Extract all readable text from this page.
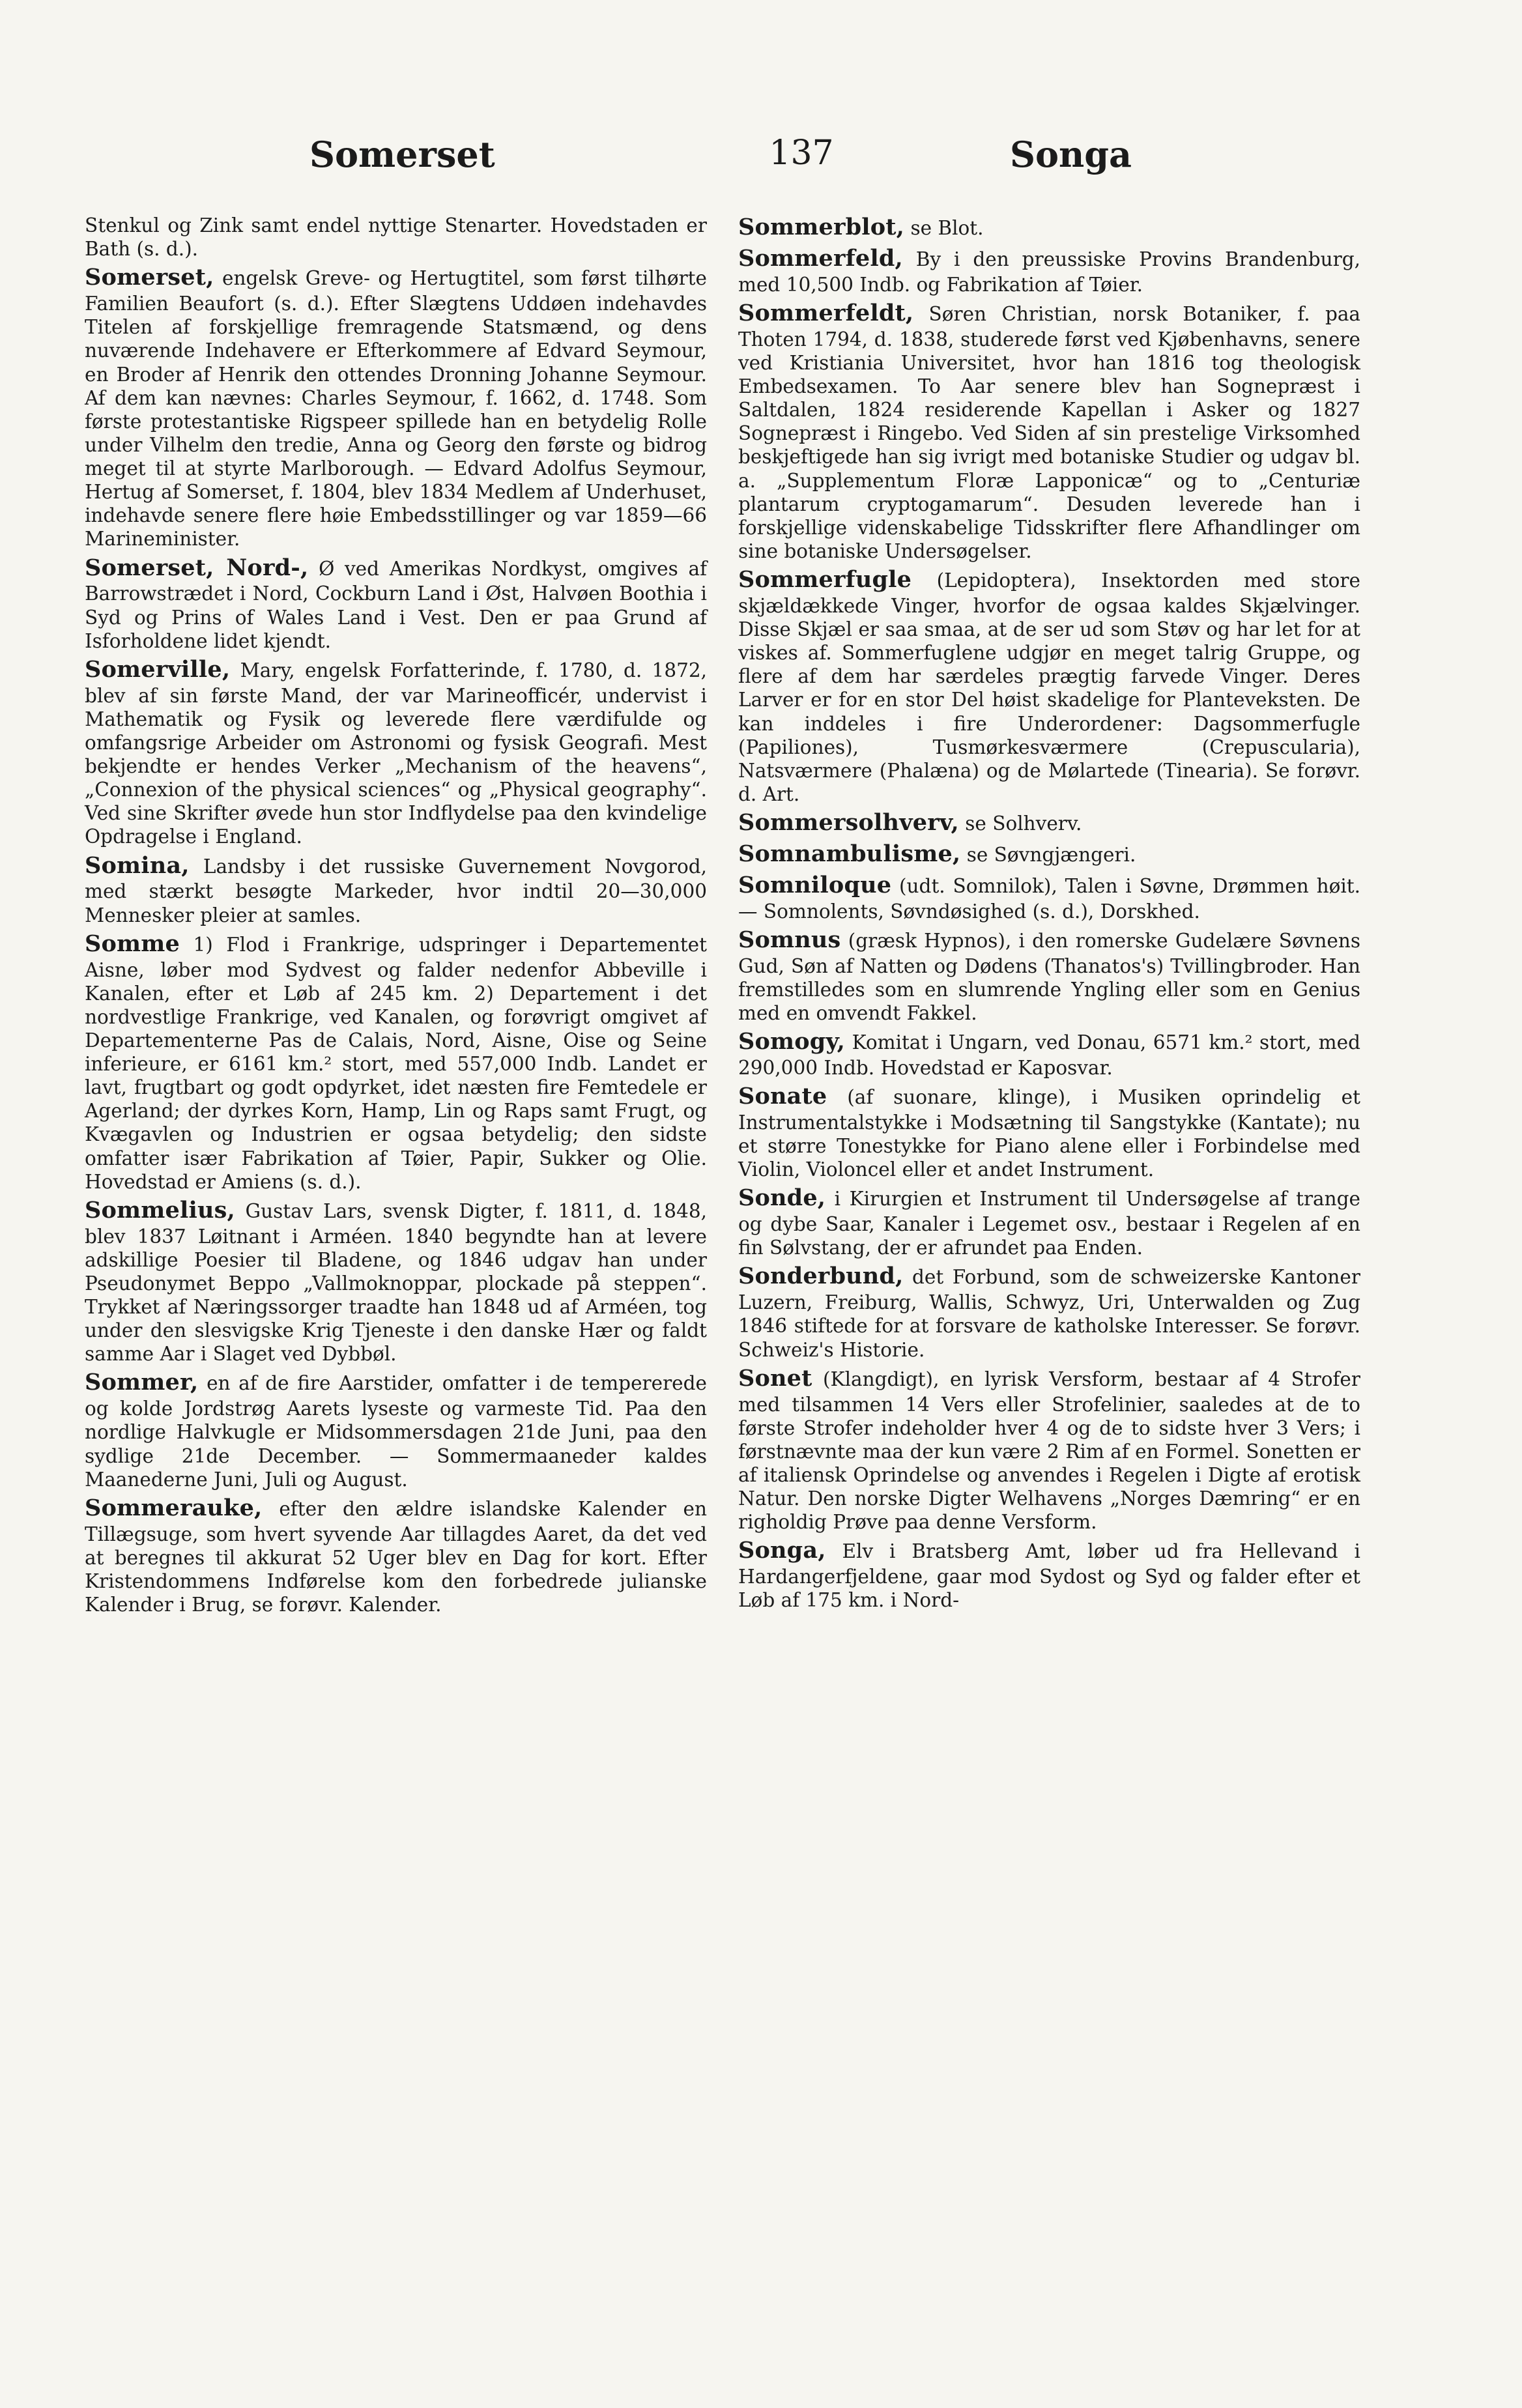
Somerset	137	Songa

Stenkul og Zink samt endel nyttige Stenarter. Hovedstaden er Bath (s. d.).

Somerset, engelsk Greve- og Hertugtitel, som først tilhørte Familien Beaufort (s. d.). Efter Slægtens Uddøen indehavdes Titelen af forskjellige fremragende Statsmænd, og dens nuværende Indehavere er Efterkommere af Edvard Seymour, en Broder af Henrik den ottendes Dronning Johanne Seymour. Af dem kan nævnes: Charles Seymour, f. 1662, d. 1748. Som første protestantiske Rigspeer spillede han en betydelig Rolle under Vilhelm den tredie, Anna og Georg den første og bidrog meget til at styrte Marlborough. — Edvard Adolfus Seymour, Hertug af Somerset, f. 1804, blev 1834 Medlem af Underhuset, indehavde senere flere høie Embedsstillinger og var 1859—66 Marineminister.

Somerset, Nord-, Ø ved Amerikas Nordkyst, omgives af Barrowstrædet i Nord, Cockburn Land i Øst, Halvøen Boothia i Syd og Prins of Wales Land i Vest. Den er paa Grund af Isforholdene lidet kjendt.

Somerville, Mary, engelsk Forfatterinde, f. 1780, d. 1872, blev af sin første Mand, der var Marineofficér, undervist i Mathematik og Fysik og leverede flere værdifulde og omfangsrige Arbeider om Astronomi og fysisk Geografi. Mest bekjendte er hendes Verker „Mechanism of the heavens“, „Connexion of the physical sciences“ og „Physical geography“. Ved sine Skrifter øvede hun stor Indflydelse paa den kvindelige Opdragelse i England.

Somina, Landsby i det russiske Guvernement Novgorod, med stærkt besøgte Markeder, hvor indtil 20—30,000 Mennesker pleier at samles.

Somme 1) Flod i Frankrige, udspringer i Departementet Aisne, løber mod Sydvest og falder nedenfor Abbeville i Kanalen, efter et Løb af 245 km. 2) Departement i det nordvestlige Frankrige, ved Kanalen, og forøvrigt omgivet af Departementerne Pas de Calais, Nord, Aisne, Oise og Seine inferieure, er 6161 km.² stort, med 557,000 Indb. Landet er lavt, frugtbart og godt opdyrket, idet næsten fire Femtedele er Agerland; der dyrkes Korn, Hamp, Lin og Raps samt Frugt, og Kvægavlen og Industrien er ogsaa betydelig; den sidste omfatter især Fabrikation af Tøier, Papir, Sukker og Olie. Hovedstad er Amiens (s. d.).

Sommelius, Gustav Lars, svensk Digter, f. 1811, d. 1848, blev 1837 Løitnant i Arméen. 1840 begyndte han at levere adskillige Poesier til Bladene, og 1846 udgav han under Pseudonymet Beppo „Vallmoknoppar, plockade på steppen“. Trykket af Næringssorger traadte han 1848 ud af Arméen, tog under den slesvigske Krig Tjeneste i den danske Hær og faldt samme Aar i Slaget ved Dybbøl.

Sommer, en af de fire Aarstider, omfatter i de tempererede og kolde Jordstrøg Aarets lyseste og varmeste Tid. Paa den nordlige Halvkugle er Midsommersdagen 21de Juni, paa den sydlige 21de December. — Sommermaaneder kaldes Maanederne Juni, Juli og August.

Sommerauke, efter den ældre islandske Kalender en Tillægsuge, som hvert syvende Aar tillagdes Aaret, da det ved at beregnes til akkurat 52 Uger blev en Dag for kort. Efter Kristendommens Indførelse kom den forbedrede julianske Kalender i Brug, se forøvr. Kalender.

Sommerblot, se Blot.

Sommerfeld, By i den preussiske Provins Brandenburg, med 10,500 Indb. og Fabrikation af Tøier.

Sommerfeldt, Søren Christian, norsk Botaniker, f. paa Thoten 1794, d. 1838, studerede først ved Kjøbenhavns, senere ved Kristiania Universitet, hvor han 1816 tog theologisk Embedsexamen. To Aar senere blev han Sognepræst i Saltdalen, 1824 residerende Kapellan i Asker og 1827 Sognepræst i Ringebo. Ved Siden af sin prestelige Virksomhed beskjeftigede han sig ivrigt med botaniske Studier og udgav bl. a. „Supplementum Floræ Lapponicæ“ og to „Centuriæ plantarum cryptogamarum“. Desuden leverede han i forskjellige videnskabelige Tidsskrifter flere Afhandlinger om sine botaniske Undersøgelser.

Sommerfugle (Lepidoptera), Insektorden med store skjældækkede Vinger, hvorfor de ogsaa kaldes Skjælvinger. Disse Skjæl er saa smaa, at de ser ud som Støv og har let for at viskes af. Sommerfuglene udgjør en meget talrig Gruppe, og flere af dem har særdeles prægtig farvede Vinger. Deres Larver er for en stor Del høist skadelige for Planteveksten. De kan inddeles i fire Underordener: Dagsommerfugle (Papiliones), Tusmørkesværmere (Crepuscularia), Natsværmere (Phalæna) og de Mølartede (Tinearia). Se forøvr. d. Art.

Sommersolhverv, se Solhverv.

Somnambulisme, se Søvngjængeri.

Somniloque (udt. Somnilok), Talen i Søvne, Drømmen høit. — Somnolents, Søvndøsighed (s. d.), Dorskhed.

Somnus (græsk Hypnos), i den romerske Gudelære Søvnens Gud, Søn af Natten og Dødens (Thanatos's) Tvillingbroder. Han fremstilledes som en slumrende Yngling eller som en Genius med en omvendt Fakkel.

Somogy, Komitat i Ungarn, ved Donau, 6571 km.² stort, med 290,000 Indb. Hovedstad er Kaposvar.

Sonate (af suonare, klinge), i Musiken oprindelig et Instrumentalstykke i Modsætning til Sangstykke (Kantate); nu et større Tonestykke for Piano alene eller i Forbindelse med Violin, Violoncel eller et andet Instrument.

Sonde, i Kirurgien et Instrument til Undersøgelse af trange og dybe Saar, Kanaler i Legemet osv., bestaar i Regelen af en fin Sølvstang, der er afrundet paa Enden.

Sonderbund, det Forbund, som de schweizerske Kantoner Luzern, Freiburg, Wallis, Schwyz, Uri, Unterwalden og Zug 1846 stiftede for at forsvare de katholske Interesser. Se forøvr. Schweiz's Historie.

Sonet (Klangdigt), en lyrisk Versform, bestaar af 4 Strofer med tilsammen 14 Vers eller Strofelinier, saaledes at de to første Strofer indeholder hver 4 og de to sidste hver 3 Vers; i førstnævnte maa der kun være 2 Rim af en Formel. Sonetten er af italiensk Oprindelse og anvendes i Regelen i Digte af erotisk Natur. Den norske Digter Welhavens „Norges Dæmring“ er en righoldig Prøve paa denne Versform.

Songa, Elv i Bratsberg Amt, løber ud fra Hellevand i Hardangerfjeldene, gaar mod Sydost og Syd og falder efter et Løb af 175 km. i Nord-
